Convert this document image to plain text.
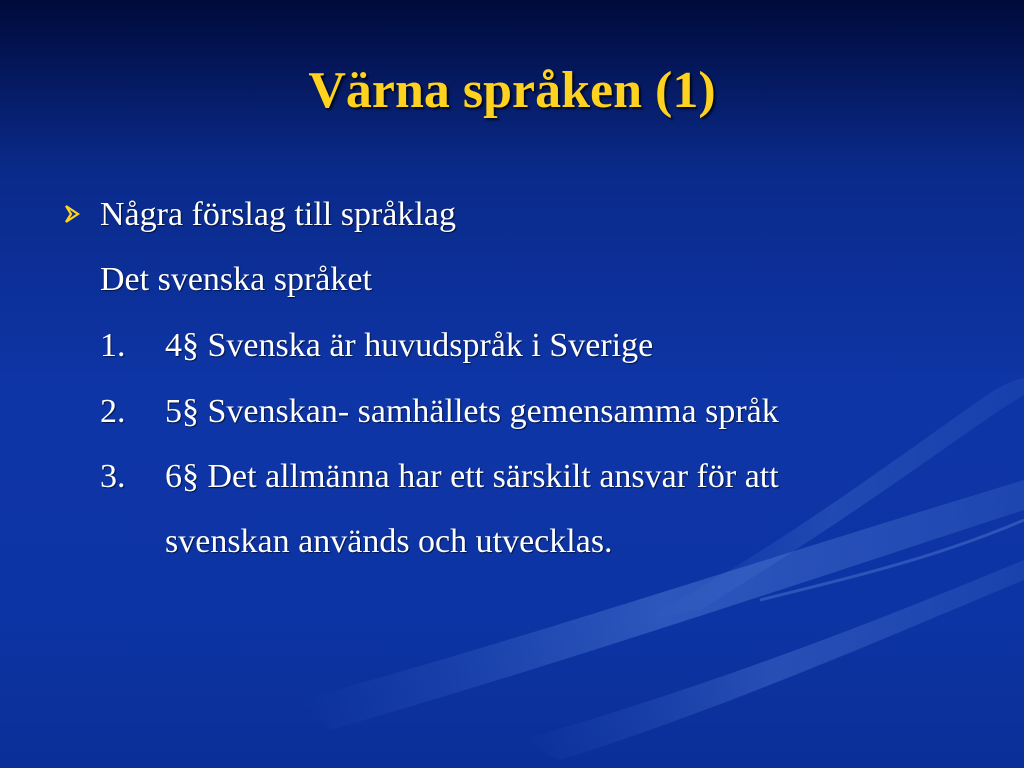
Värna språken (1)
Några förslag till språklag
Det svenska språket
1. 4§ Svenska är huvudspråk i Sverige
2. 5§ Svenskan- samhällets gemensamma språk
3. 6§ Det allmänna har ett särskilt ansvar för att
svenskan används och utvecklas.
